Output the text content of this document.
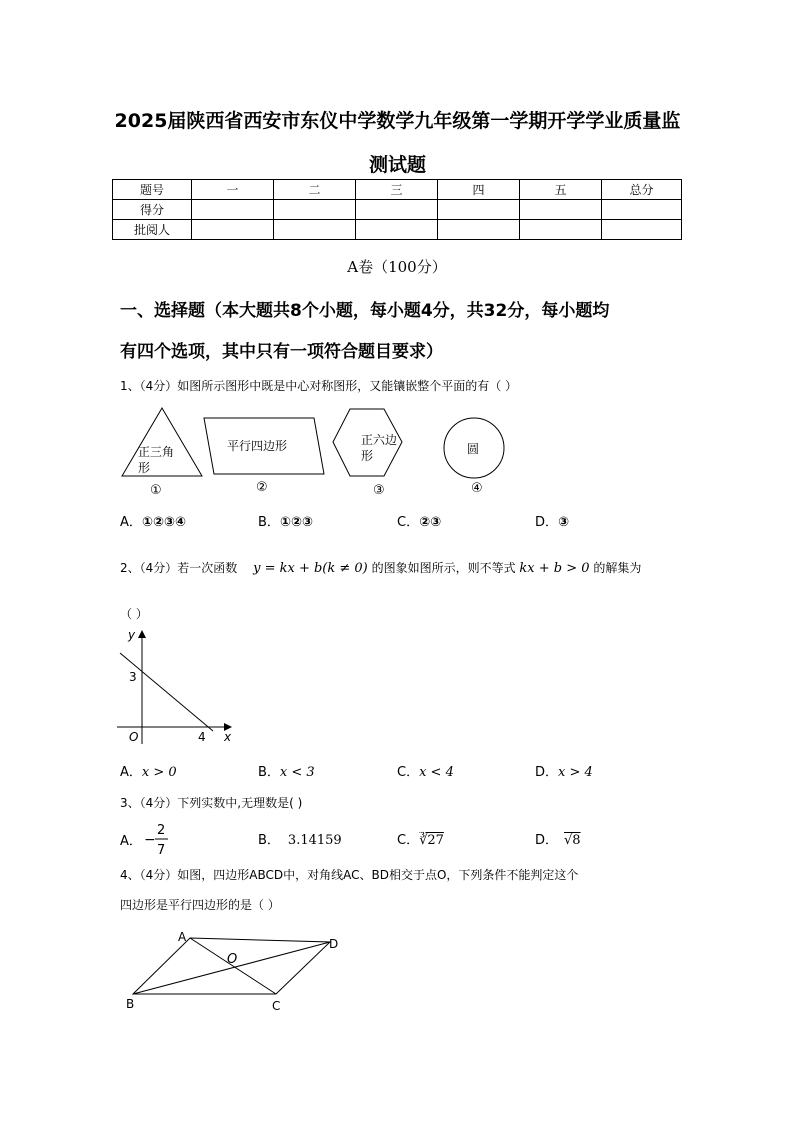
2025届陕西省西安市东仪中学数学九年级第一学期开学学业质量监
测试题
题号	一	二	三	四	五	总分
得分						
批阅人						
A卷（100分）
一、选择题（本大题共8个小题，每小题4分，共32分，每小题均
有四个选项，其中只有一项符合题目要求）
1、（4分）如图所示图形中既是中心对称图形，又能镶嵌整个平面的有（ ）
正三角
形
①
平行四边形
②
正六边
形
③
圆
④
A．①②③④	B．①②③	C．②③	D．③
2、（4分）若一次函数 y = kx + b(k ≠ 0) 的图象如图所示，则不等式 kx + b > 0 的解集为
（ ）
y
x
O
3
4
A．x > 0	B．x < 3	C．x < 4	D．x > 4
3、（4分）下列实数中,无理数是( )
A． −2/7 −
2
7
B． 3.14159	C．∛27	D． √8
4、（4分）如图，四边形ABCD中，对角线AC、BD相交于点O，下列条件不能判定这个
四边形是平行四边形的是（ ）
A	D
O
B	C
